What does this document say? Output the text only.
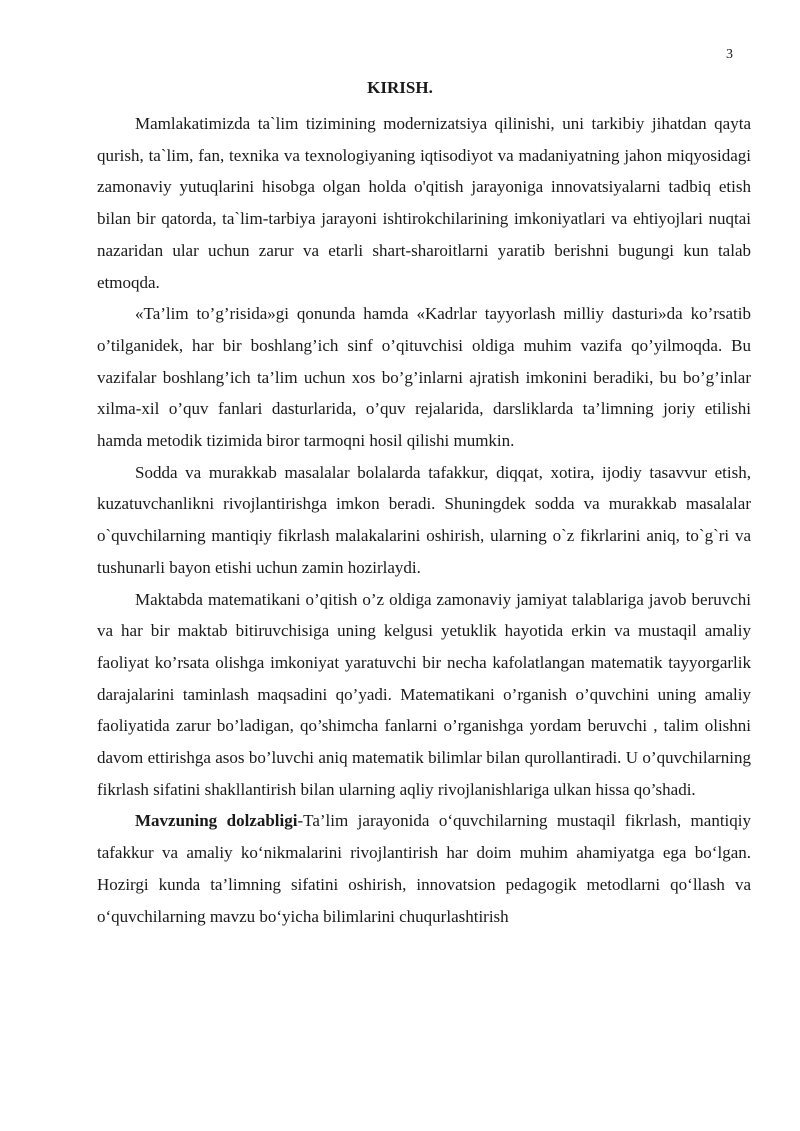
3
KIRISH.

Mamlakatimizda ta`lim tizimining modernizatsiya qilinishi, uni tarkibiy jihatdan qayta qurish, ta`lim, fan, texnika va texnologiyaning iqtisodiyot va madaniyatning jahon miqyosidagi zamonaviy yutuqlarini hisobga olgan holda o'qitish jarayoniga innovatsiyalarni tadbiq etish bilan bir qatorda, ta`lim-tarbiya jarayoni ishtirokchilarining imkoniyatlari va ehtiyojlari nuqtai nazaridan ular uchun zarur va etarli shart-sharoitlarni yaratib berishni bugungi kun talab etmoqda.

«Ta’lim to’g’risida»gi qonunda hamda «Kadrlar tayyorlash milliy dasturi»da ko’rsatib o’tilganidek, har bir boshlang’ich sinf o’qituvchisi oldiga muhim vazifa qo’yilmoqda. Bu vazifalar boshlang’ich ta’lim uchun xos bo’g’inlarni ajratish imkonini beradiki, bu bo’g’inlar xilma-xil o’quv fanlari dasturlarida, o’quv rejalarida, darsliklarda ta’limning joriy etilishi hamda metodik tizimida biror tarmoqni hosil qilishi mumkin.

Sodda va murakkab masalalar bolalarda tafakkur, diqqat, xotira, ijodiy tasavvur etish, kuzatuvchanlikni rivojlantirishga imkon beradi. Shuningdek sodda va murakkab masalalar o`quvchilarning mantiqiy fikrlash malakalarini oshirish, ularning o`z fikrlarini aniq, to`g`ri va tushunarli bayon etishi uchun zamin hozirlaydi.

Maktabda matematikani o’qitish o’z oldiga zamonaviy jamiyat talablariga javob beruvchi va har bir maktab bitiruvchisiga uning kelgusi yetuklik hayotida erkin va mustaqil amaliy faoliyat ko’rsata olishga imkoniyat yaratuvchi bir necha kafolatlangan matematik tayyorgarlik darajalarini taminlash maqsadini qo’yadi. Matematikani o’rganish o’quvchini uning amaliy faoliyatida zarur bo’ladigan, qo’shimcha fanlarni o’rganishga yordam beruvchi , talim olishni davom ettirishga asos bo’luvchi aniq matematik bilimlar bilan qurollantiradi. U o’quvchilarning fikrlash sifatini shakllantirish bilan ularning aqliy rivojlanishlariga ulkan hissa qo’shadi.

Mavzuning dolzabligi-Ta’lim jarayonida o‘quvchilarning mustaqil fikrlash, mantiqiy tafakkur va amaliy ko‘nikmalarini rivojlantirish har doim muhim ahamiyatga ega bo‘lgan. Hozirgi kunda ta’limning sifatini oshirish, innovatsion pedagogik metodlarni qo‘llash va o‘quvchilarning mavzu bo‘yicha bilimlarini chuqurlashtirish
